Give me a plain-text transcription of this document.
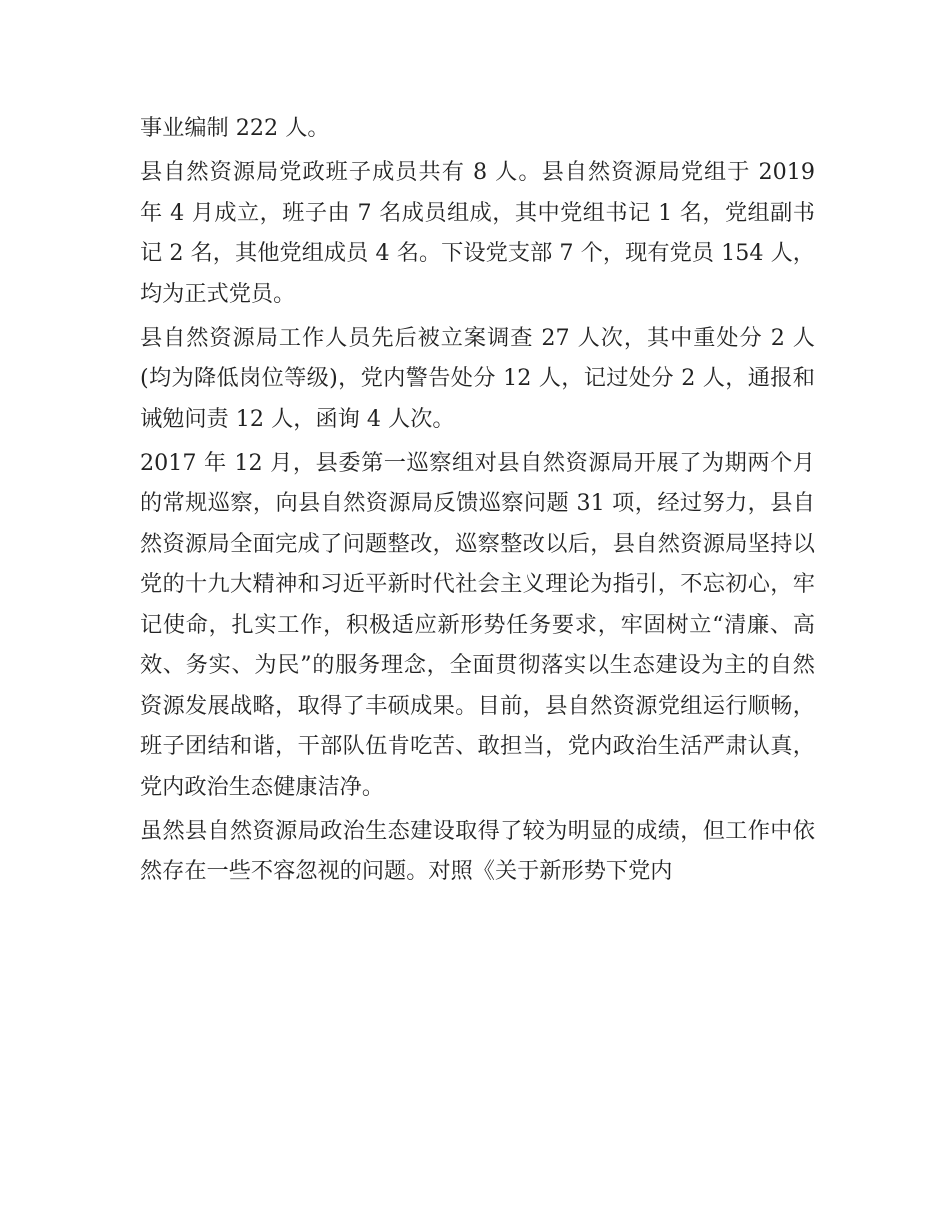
事业编制 222 人。

县自然资源局党政班子成员共有 8 人。县自然资源局党组于 2019 年 4 月成立，班子由 7 名成员组成，其中党组书记 1 名，党组副书记 2 名，其他党组成员 4 名。下设党支部 7 个，现有党员 154 人，均为正式党员。

县自然资源局工作人员先后被立案调查 27 人次，其中重处分 2 人(均为降低岗位等级)，党内警告处分 12 人，记过处分 2 人，通报和诫勉问责 12 人，函询 4 人次。

2017 年 12 月，县委第一巡察组对县自然资源局开展了为期两个月的常规巡察，向县自然资源局反馈巡察问题 31 项，经过努力，县自然资源局全面完成了问题整改，巡察整改以后，县自然资源局坚持以党的十九大精神和习近平新时代社会主义理论为指引，不忘初心，牢记使命，扎实工作，积极适应新形势任务要求，牢固树立“清廉、高效、务实、为民”的服务理念，全面贯彻落实以生态建设为主的自然资源发展战略，取得了丰硕成果。目前，县自然资源党组运行顺畅，班子团结和谐，干部队伍肯吃苦、敢担当，党内政治生活严肃认真，党内政治生态健康洁净。

虽然县自然资源局政治生态建设取得了较为明显的成绩，但工作中依然存在一些不容忽视的问题。对照《关于新形势下党内
